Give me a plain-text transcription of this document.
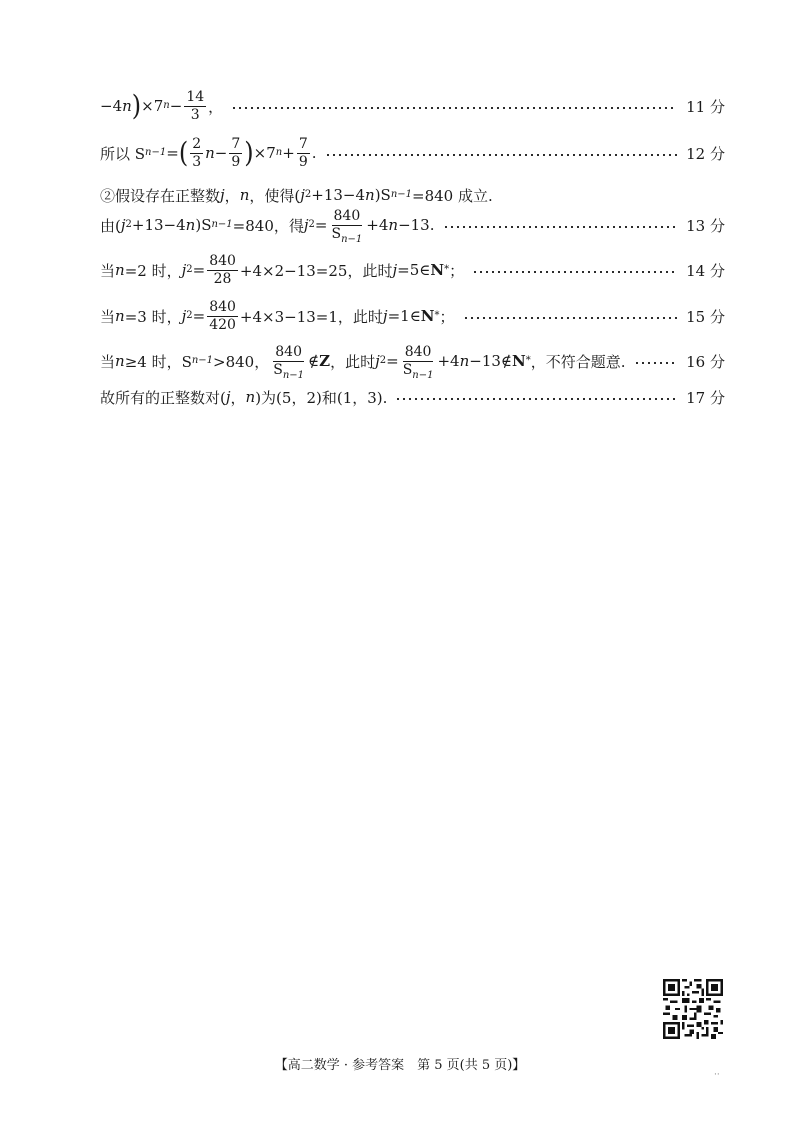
−4 n ) ×7 $n - \frac{14}{3}$ ，	11 分
所以 S n−1 = ( $\frac{2}{3}$ $n - \frac{7}{9}$ ) ×7 $n + \frac{7}{9}$ .	12 分
②假设存在正整数 j ， n ，使得( j 2 +13−4 n )S n−1 =840 成立.
由( j 2 +13−4 n )S n−1 =840，得 j $2 = \frac{840}{S_{n-1}} +4$ n −13.	13 分
当 n =2 时， j $2 = \frac{840}{28} +4\times 2-13=25$，此时 j =5∈ N * ；	14 分
当 n =3 时， j $2 = \frac{840}{420} +4\times 3-13=1$，此时 j =1∈ N * ；	15 分
当 n ≥4 时，S n−1 >840， $\frac{840}{S_{n-1}}$ ∉ Z ，此时 j $2 = \frac{840}{S_{n-1}} +4$ n −13∉ N * ，不符合题意.	16 分
故所有的正整数对( j ， n )为(5，2)和(1，3).	17 分
【高二数学 · 参考答案　第 5 页(共 5 页)】
··
